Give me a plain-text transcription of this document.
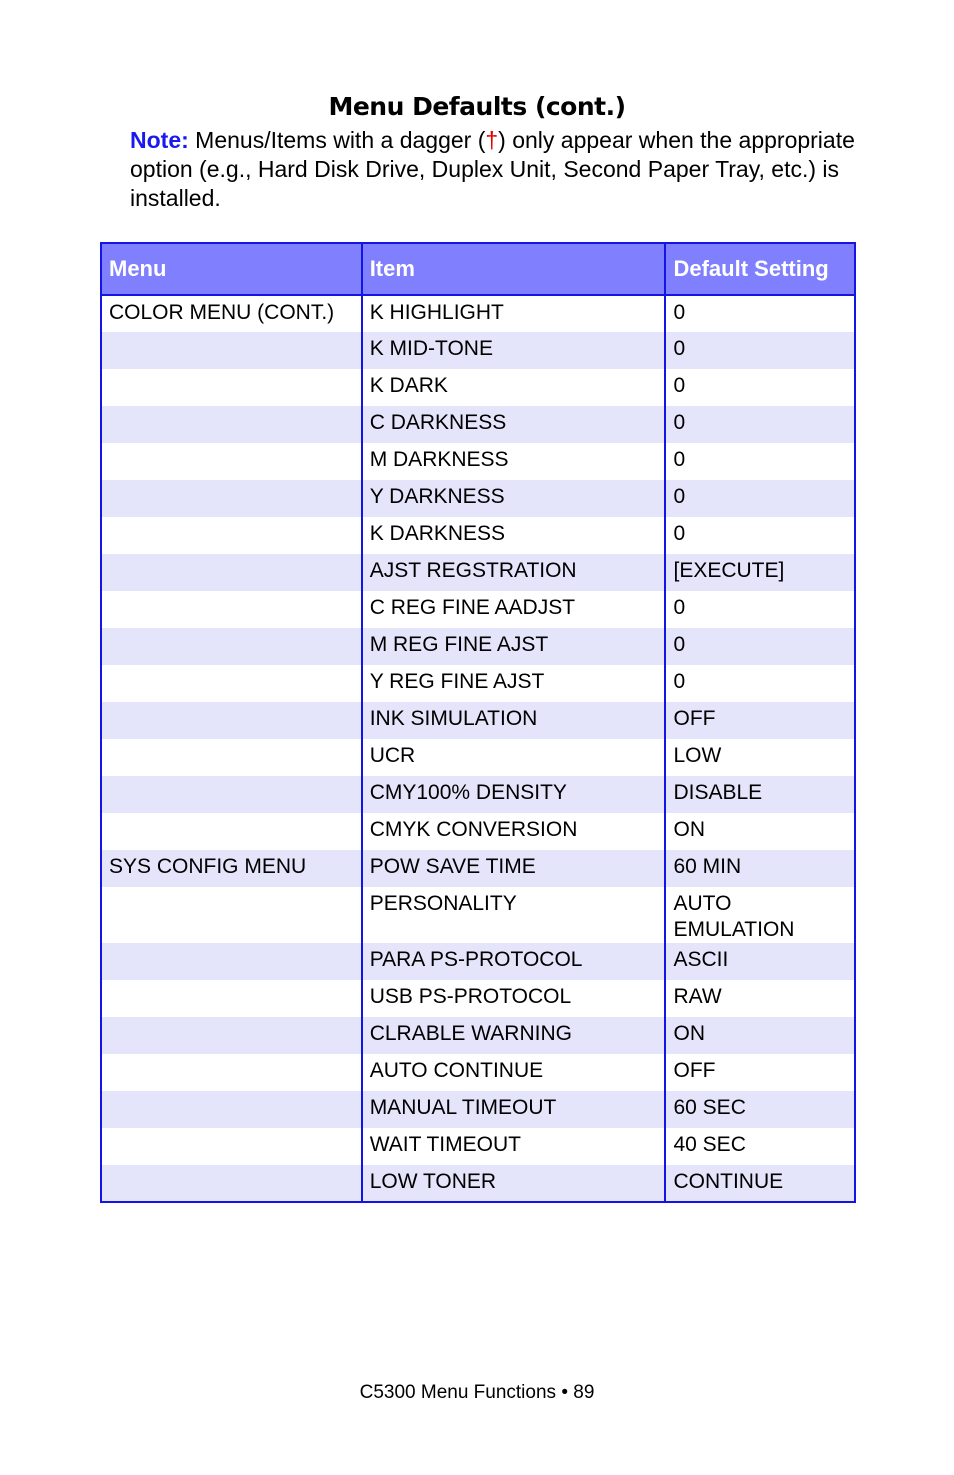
Menu Defaults (cont.)

Note: Menus/Items with a dagger (†) only appear when the appropriate option (e.g., Hard Disk Drive, Duplex Unit, Second Paper Tray, etc.) is installed.

Menu	Item	Default Setting
COLOR MENU (CONT.)	K HIGHLIGHT	0
	K MID-TONE	0
	K DARK	0
	C DARKNESS	0
	M DARKNESS	0
	Y DARKNESS	0
	K DARKNESS	0
	AJST REGSTRATION	[EXECUTE]
	C REG FINE AADJST	0
	M REG FINE AJST	0
	Y REG FINE AJST	0
	INK SIMULATION	OFF
	UCR	LOW
	CMY100% DENSITY	DISABLE
	CMYK CONVERSION	ON
SYS CONFIG MENU	POW SAVE TIME	60 MIN
	PERSONALITY	AUTO EMULATION
	PARA PS-PROTOCOL	ASCII
	USB PS-PROTOCOL	RAW
	CLRABLE WARNING	ON
	AUTO CONTINUE	OFF
	MANUAL TIMEOUT	60 SEC
	WAIT TIMEOUT	40 SEC
	LOW TONER	CONTINUE

C5300 Menu Functions • 89
